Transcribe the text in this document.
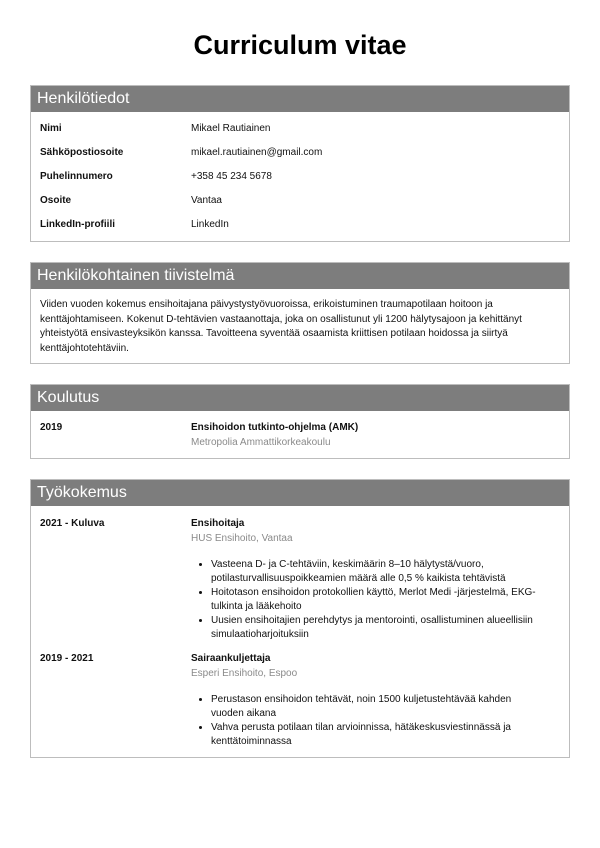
Curriculum vitae
Henkilötiedot
Nimi	Mikael Rautiainen
Sähköpostiosoite	mikael.rautiainen@gmail.com
Puhelinnumero	+358 45 234 5678
Osoite	Vantaa
LinkedIn-profiili	LinkedIn
Henkilökohtainen tiivistelmä
Viiden vuoden kokemus ensihoitajana päivystystyövuoroissa, erikoistuminen traumapotilaan hoitoon ja kenttäjohtamiseen. Kokenut D-tehtävien vastaanottaja, joka on osallistunut yli 1200 hälytysajoon ja kehittänyt yhteistyötä ensivasteyksikön kanssa. Tavoitteena syventää osaamista kriittisen potilaan hoidossa ja siirtyä kenttäjohtotehtäviin.
Koulutus
2019	Ensihoidon tutkinto-ohjelma (AMK)
Metropolia Ammattikorkeakoulu
Työkokemus
2021 - Kuluva	Ensihoitaja
HUS Ensihoito, Vantaa
• Vasteena D- ja C-tehtäviin, keskimäärin 8–10 hälytystä/vuoro, potilasturvallisuuspoikkeamien määrä alle 0,5 % kaikista tehtävistä
• Hoitotason ensihoidon protokollien käyttö, Merlot Medi -järjestelmä, EKG-tulkinta ja lääkehoito
• Uusien ensihoitajien perehdytys ja mentorointi, osallistuminen alueellisiin simulaatioharjoituksiin
2019 - 2021	Sairaankuljettaja
Esperi Ensihoito, Espoo
• Perustason ensihoidon tehtävät, noin 1500 kuljetustehtävää kahden vuoden aikana
• Vahva perusta potilaan tilan arvioinnissa, hätäkeskusviestinnässä ja kenttätoiminnassa
